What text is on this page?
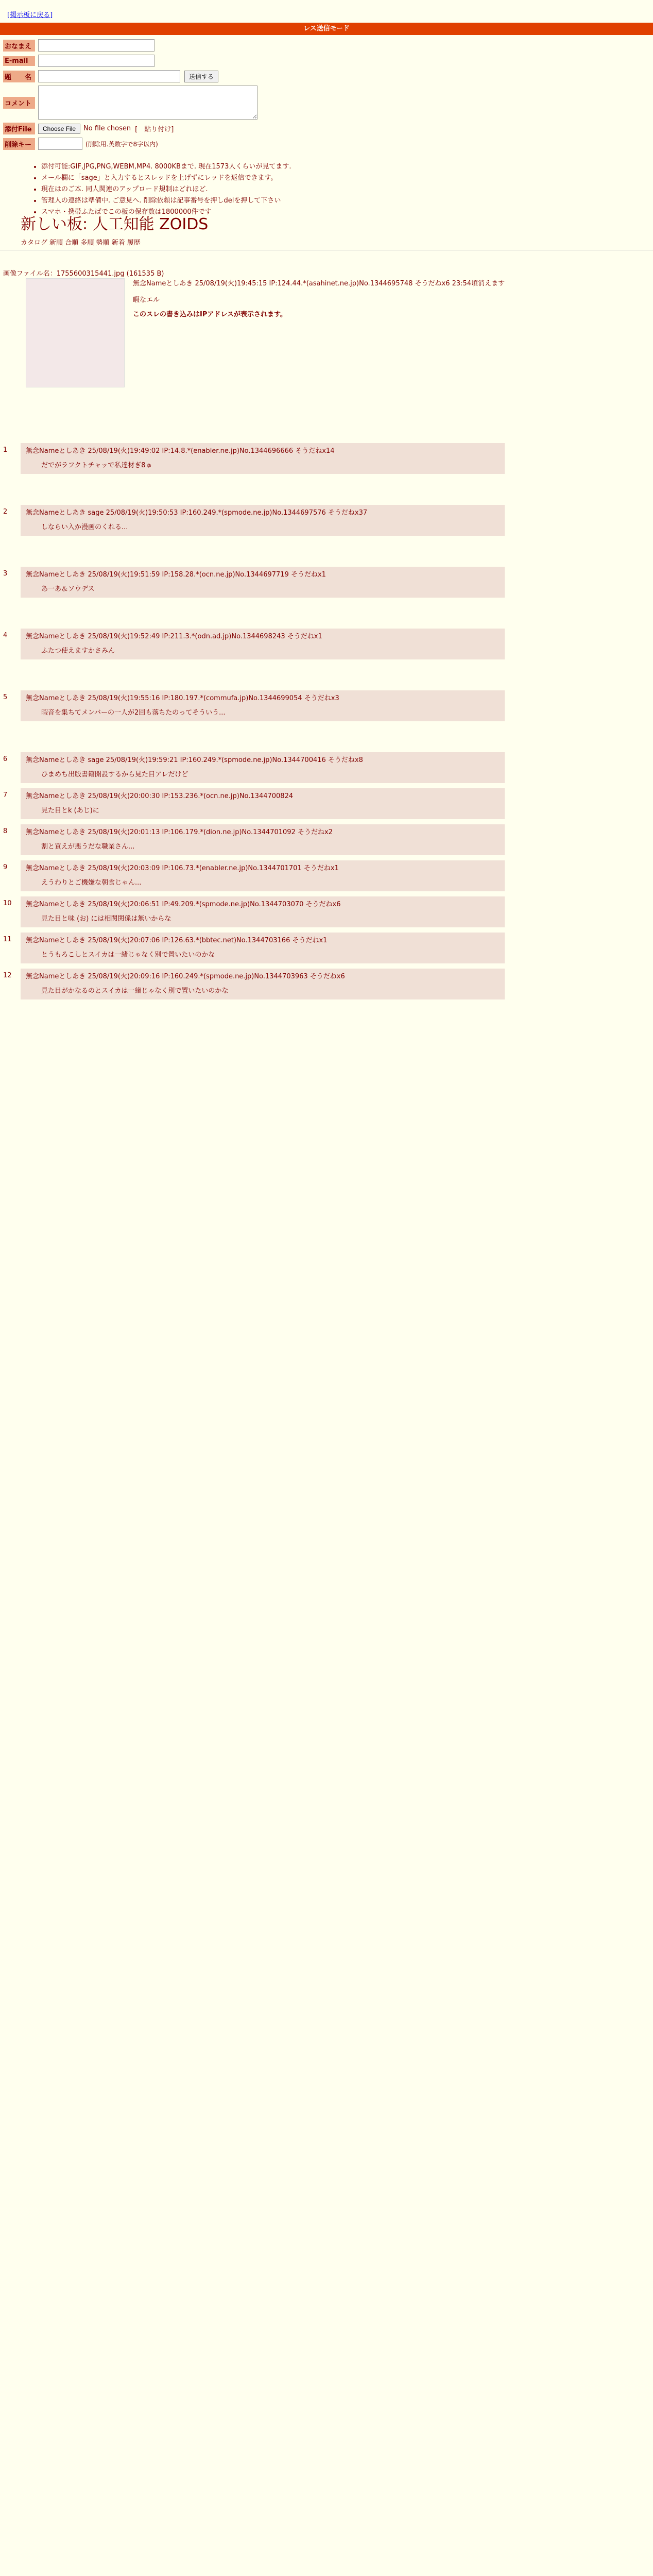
[掲示板に戻る]
レス送信モード
おなまえ
E-mail
題　　名	送信する
コメント
添付File	Choose File	No file chosen [　貼り付け]
削除キー	(削除用.英数字で8字以内)
• 添付可能:GIF,JPG,PNG,WEBM,MP4. 8000KBまで. 現在1573人くらいが見てます.
• メール欄に「sage」と入力するとスレッドを上げずにレッドを返信できます。
• 現在はのご本. 同人関連のアップロード規制はどれほど.
• 管理人の連絡は準備中. ご意見へ. 削除依頼は記事番号を押しdelを押して下さい
• スマホ・携帯ふたばでこの板の保存数は1800000件です
新しい板: 人工知能 ZOIDS
カタログ 新順 合順 多順 勢順 新着 履歴
画像ファイル名：1755600315441.jpg (161535 B)
無念Nameとしあき 25/08/19(火)19:45:15 IP:124.44.*(asahinet.ne.jp)No.1344695748 そうだねx6 23:54頃消えます
暇なエル
このスレの書き込みはIPアドレスが表示されます。
1	無念Nameとしあき 25/08/19(火)19:49:02 IP:14.8.*(enabler.ne.jp)No.1344696666 そうだねx14
だでがラフクトチャッで私達材ぎ8ゅ
2	無念Nameとしあき sage 25/08/19(火)19:50:53 IP:160.249.*(spmode.ne.jp)No.1344697576 そうだねx37
しならい入か漫画のくれる...
3	無念Nameとしあき 25/08/19(火)19:51:59 IP:158.28.*(ocn.ne.jp)No.1344697719 そうだねx1
あ一あ＆ソウデス
4	無念Nameとしあき 25/08/19(火)19:52:49 IP:211.3.*(odn.ad.jp)No.1344698243 そうだねx1
ふたつ使えますかさみん
5	無念Nameとしあき 25/08/19(火)19:55:16 IP:180.197.*(commufa.jp)No.1344699054 そうだねx3
暇音を集ちてメンバーの一人が2回も落ちたのってそういう...
6	無念Nameとしあき sage 25/08/19(火)19:59:21 IP:160.249.*(spmode.ne.jp)No.1344700416 そうだねx8
ひまめち出版書籍開設するから見た目アレだけど
7	無念Nameとしあき 25/08/19(火)20:00:30 IP:153.236.*(ocn.ne.jp)No.1344700824
見た目とk (あじ)に
8	無念Nameとしあき 25/08/19(火)20:01:13 IP:106.179.*(dion.ne.jp)No.1344701092 そうだねx2
割と買えが悪うだな職業さん...
9	無念Nameとしあき 25/08/19(火)20:03:09 IP:106.73.*(enabler.ne.jp)No.1344701701 そうだねx1
えうわりとご機嫌な朝食じゃん...
10 無念Nameとしあき 25/08/19(火)20:06:51 IP:49.209.*(spmode.ne.jp)No.1344703070 そうだねx6
見た目と味 (お) には相関関係は無いからな
11 無念Nameとしあき 25/08/19(火)20:07:06 IP:126.63.*(bbtec.net)No.1344703166 そうだねx1
とうもろこしとスイカは一緒じゃなく別で置いたいのかな
12 無念Nameとしあき 25/08/19(火)20:09:16 IP:160.249.*(spmode.ne.jp)No.1344703963 そうだねx6
見た目がかなるのとスイカは一緒じゃなく別で置いたいのかな
